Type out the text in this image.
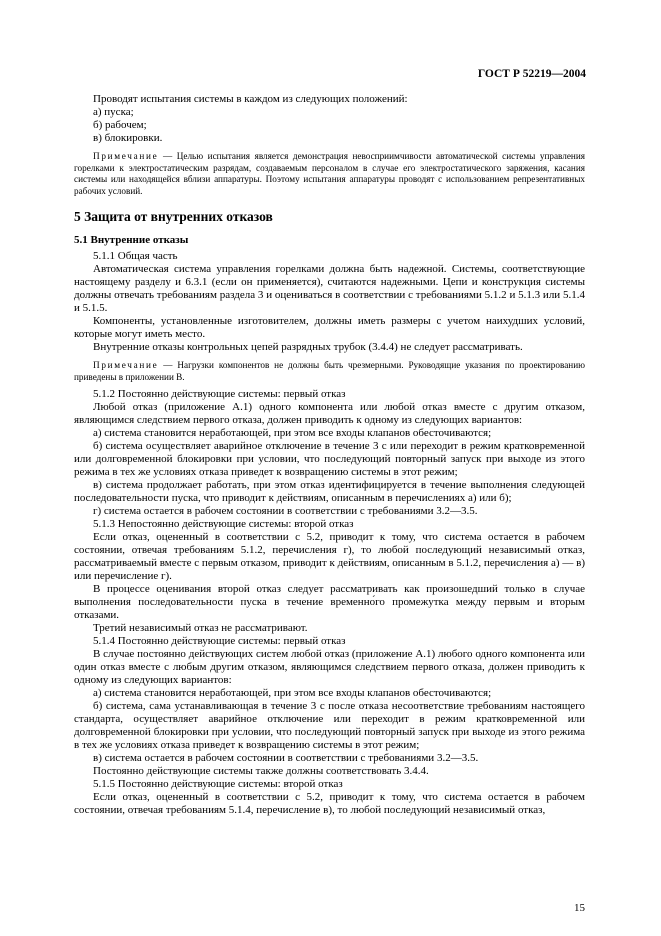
ГОСТ Р 52219—2004

Проводят испытания системы в каждом из следующих положений:

а) пуска;

б) рабочем;

в) блокировки.

Примечание — Целью испытания является демонстрация невосприимчивости автоматической системы управления горелками к электростатическим разрядам, создаваемым персоналом в случае его электростатического заряжения, касания системы или находящейся вблизи аппаратуры. Поэтому испытания аппаратуры проводят с использованием репрезентативных рабочих условий.

5 Защита от внутренних отказов

5.1 Внутренние отказы

5.1.1 Общая часть

Автоматическая система управления горелками должна быть надежной. Системы, соответствующие настоящему разделу и 6.3.1 (если он применяется), считаются надежными. Цепи и конструкция системы должны отвечать требованиям раздела 3 и оцениваться в соответствии с требованиями 5.1.2 и 5.1.3 или 5.1.4 и 5.1.5.

Компоненты, установленные изготовителем, должны иметь размеры с учетом наихудших условий, которые могут иметь место.

Внутренние отказы контрольных цепей разрядных трубок (3.4.4) не следует рассматривать.

Примечание — Нагрузки компонентов не должны быть чрезмерными. Руководящие указания по проектированию приведены в приложении В.

5.1.2 Постоянно действующие системы: первый отказ

Любой отказ (приложение А.1) одного компонента или любой отказ вместе с другим отказом, являющимся следствием первого отказа, должен приводить к одному из следующих вариантов:

а) система становится неработающей, при этом все входы клапанов обесточиваются;

б) система осуществляет аварийное отключение в течение 3 с или переходит в режим кратковременной или долговременной блокировки при условии, что последующий повторный запуск при выходе из этого режима в тех же условиях отказа приведет к возвращению системы в этот режим;

в) система продолжает работать, при этом отказ идентифицируется в течение выполнения следующей последовательности пуска, что приводит к действиям, описанным в перечислениях а) или б);

г) система остается в рабочем состоянии в соответствии с требованиями 3.2—3.5.

5.1.3 Непостоянно действующие системы: второй отказ

Если отказ, оцененный в соответствии с 5.2, приводит к тому, что система остается в рабочем состоянии, отвечая требованиям 5.1.2, перечисления г), то любой последующий независимый отказ, рассматриваемый вместе с первым отказом, приводит к действиям, описанным в 5.1.2, перечисления а) — в) или перечисление г).

В процессе оценивания второй отказ следует рассматривать как произошедший только в случае выполнения последовательности пуска в течение временно́го промежутка между первым и вторым отказами.

Третий независимый отказ не рассматривают.

5.1.4 Постоянно действующие системы: первый отказ

В случае постоянно действующих систем любой отказ (приложение А.1) любого одного компонента или один отказ вместе с любым другим отказом, являющимся следствием первого отказа, должен приводить к одному из следующих вариантов:

а) система становится неработающей, при этом все входы клапанов обесточиваются;

б) система, сама устанавливающая в течение 3 с после отказа несоответствие требованиям настоящего стандарта, осуществляет аварийное отключение или переходит в режим кратковременной или долговременной блокировки при условии, что последующий повторный запуск при выходе из этого режима в тех же условиях отказа приведет к возвращению системы в этот режим;

в) система остается в рабочем состоянии в соответствии с требованиями 3.2—3.5.

Постоянно действующие системы также должны соответствовать 3.4.4.

5.1.5 Постоянно действующие системы: второй отказ

Если отказ, оцененный в соответствии с 5.2, приводит к тому, что система остается в рабочем состоянии, отвечая требованиям 5.1.4, перечисление в), то любой последующий независимый отказ,

15
